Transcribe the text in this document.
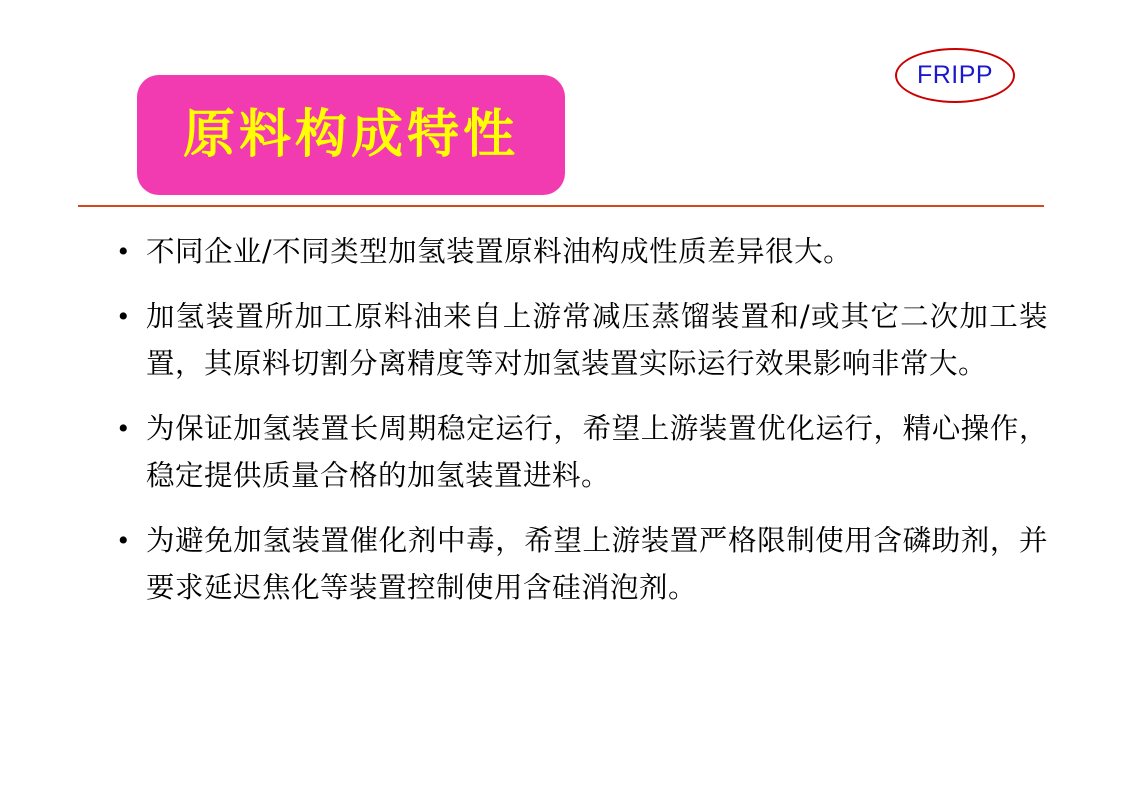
FRIPP
原料构成特性
• 不同企业/不同类型加氢装置原料油构成性质差异很大。
• 加氢装置所加工原料油来自上游常减压蒸馏装置和/或其它二次加工装置，其原料切割分离精度等对加氢装置实际运行效果影响非常大。
• 为保证加氢装置长周期稳定运行，希望上游装置优化运行，精心操作，稳定提供质量合格的加氢装置进料。
• 为避免加氢装置催化剂中毒，希望上游装置严格限制使用含磷助剂，并要求延迟焦化等装置控制使用含硅消泡剂。
